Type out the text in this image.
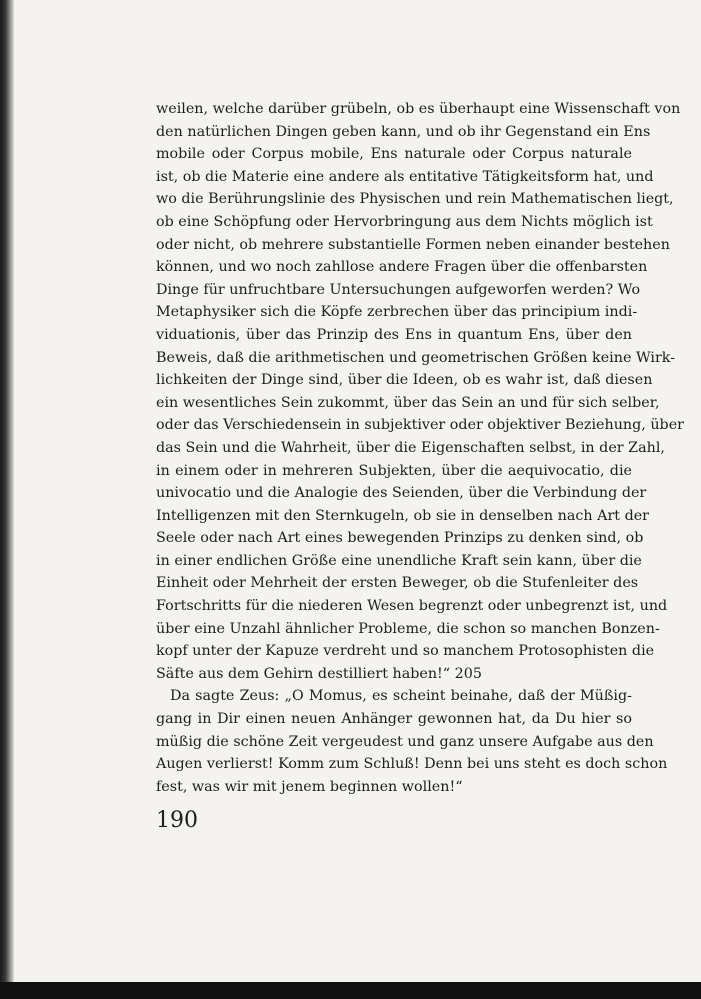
weilen, welche darüber grübeln, ob es überhaupt eine Wissenschaft von
den natürlichen Dingen geben kann, und ob ihr Gegenstand ein Ens
mobile oder Corpus mobile, Ens naturale oder Corpus naturale
ist, ob die Materie eine andere als entitative Tätigkeitsform hat, und
wo die Berührungslinie des Physischen und rein Mathematischen liegt,
ob eine Schöpfung oder Hervorbringung aus dem Nichts möglich ist
oder nicht, ob mehrere substantielle Formen neben einander bestehen
können, und wo noch zahllose andere Fragen über die offenbarsten
Dinge für unfruchtbare Untersuchungen aufgeworfen werden? Wo
Metaphysiker sich die Köpfe zerbrechen über das principium indi-
viduationis, über das Prinzip des Ens in quantum Ens, über den
Beweis, daß die arithmetischen und geometrischen Größen keine Wirk-
lichkeiten der Dinge sind, über die Ideen, ob es wahr ist, daß diesen
ein wesentliches Sein zukommt, über das Sein an und für sich selber,
oder das Verschiedensein in subjektiver oder objektiver Beziehung, über
das Sein und die Wahrheit, über die Eigenschaften selbst, in der Zahl,
in einem oder in mehreren Subjekten, über die aequivocatio, die
univocatio und die Analogie des Seienden, über die Verbindung der
Intelligenzen mit den Sternkugeln, ob sie in denselben nach Art der
Seele oder nach Art eines bewegenden Prinzips zu denken sind, ob
in einer endlichen Größe eine unendliche Kraft sein kann, über die
Einheit oder Mehrheit der ersten Beweger, ob die Stufenleiter des
Fortschritts für die niederen Wesen begrenzt oder unbegrenzt ist, und
über eine Unzahl ähnlicher Probleme, die schon so manchen Bonzen-
kopf unter der Kapuze verdreht und so manchem Protosophisten die
Säfte aus dem Gehirn destilliert haben!“ 205
Da sagte Zeus: „O Momus, es scheint beinahe, daß der Müßig-
gang in Dir einen neuen Anhänger gewonnen hat, da Du hier so
müßig die schöne Zeit vergeudest und ganz unsere Aufgabe aus den
Augen verlierst! Komm zum Schluß! Denn bei uns steht es doch schon
fest, was wir mit jenem beginnen wollen!“
190
